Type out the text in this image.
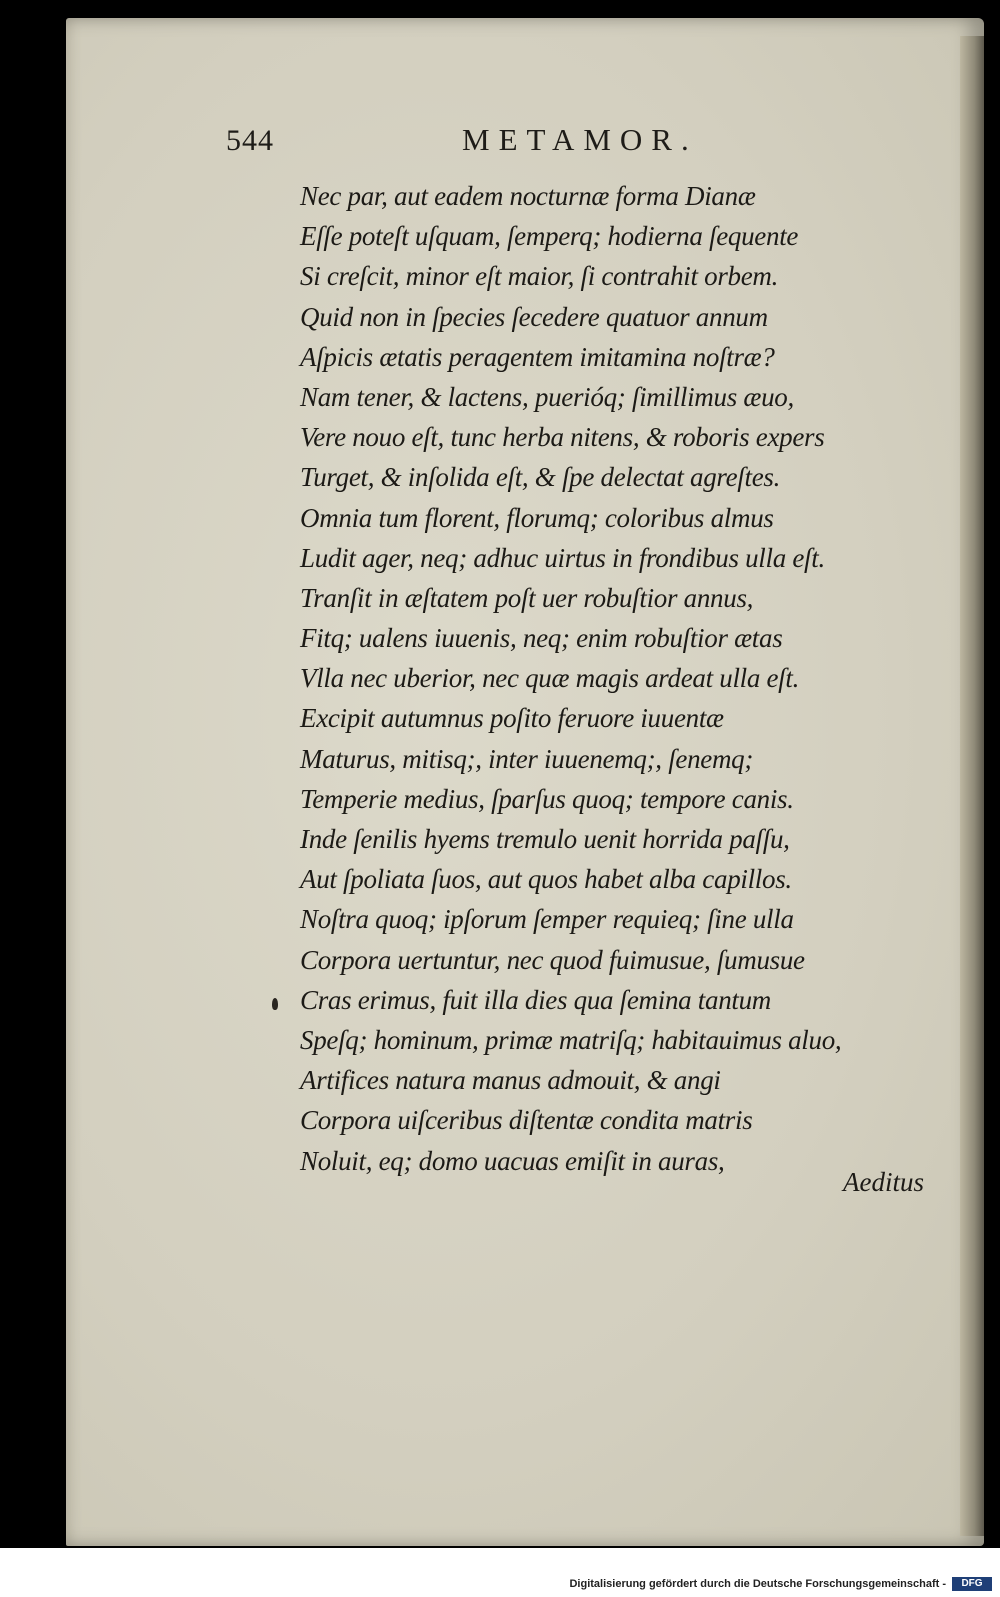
544	METAMOR.
Nec par, aut eadem nocturnæ forma Dianæ
Eſſe poteſt uſquam, ſemperq; hodierna ſequente
Si creſcit, minor eſt maior, ſi contrahit orbem.
Quid non in ſpecies ſecedere quatuor annum
Aſpicis ætatis peragentem imitamina noſtræ?
Nam tener, & lactens, puerióq; ſimillimus æuo,
Vere nouo eſt, tunc herba nitens, & roboris expers
Turget, & inſolida eſt, & ſpe delectat agreſtes.
Omnia tum florent, florumq; coloribus almus
Ludit ager, neq; adhuc uirtus in frondibus ulla eſt.
Tranſit in æſtatem poſt uer robuſtior annus,
Fitq; ualens iuuenis, neq; enim robuſtior ætas
Vlla nec uberior, nec quæ magis ardeat ulla eſt.
Excipit autumnus poſito feruore iuuentæ
Maturus, mitisq;, inter iuuenemq;, ſenemq;
Temperie medius, ſparſus quoq; tempore canis.
Inde ſenilis hyems tremulo uenit horrida paſſu,
Aut ſpoliata ſuos, aut quos habet alba capillos.
Noſtra quoq; ipſorum ſemper requieq; ſine ulla
Corpora uertuntur, nec quod fuimusue, ſumusue
Cras erimus, fuit illa dies qua ſemina tantum
Speſq; hominum, primæ matriſq; habitauimus aluo,
Artifices natura manus admouit, & angi
Corpora uiſceribus diſtentæ condita matris
Noluit, eq; domo uacuas emiſit in auras,
Aeditus
Digitalisierung gefördert durch die Deutsche Forschungsgemeinschaft -	DFG
